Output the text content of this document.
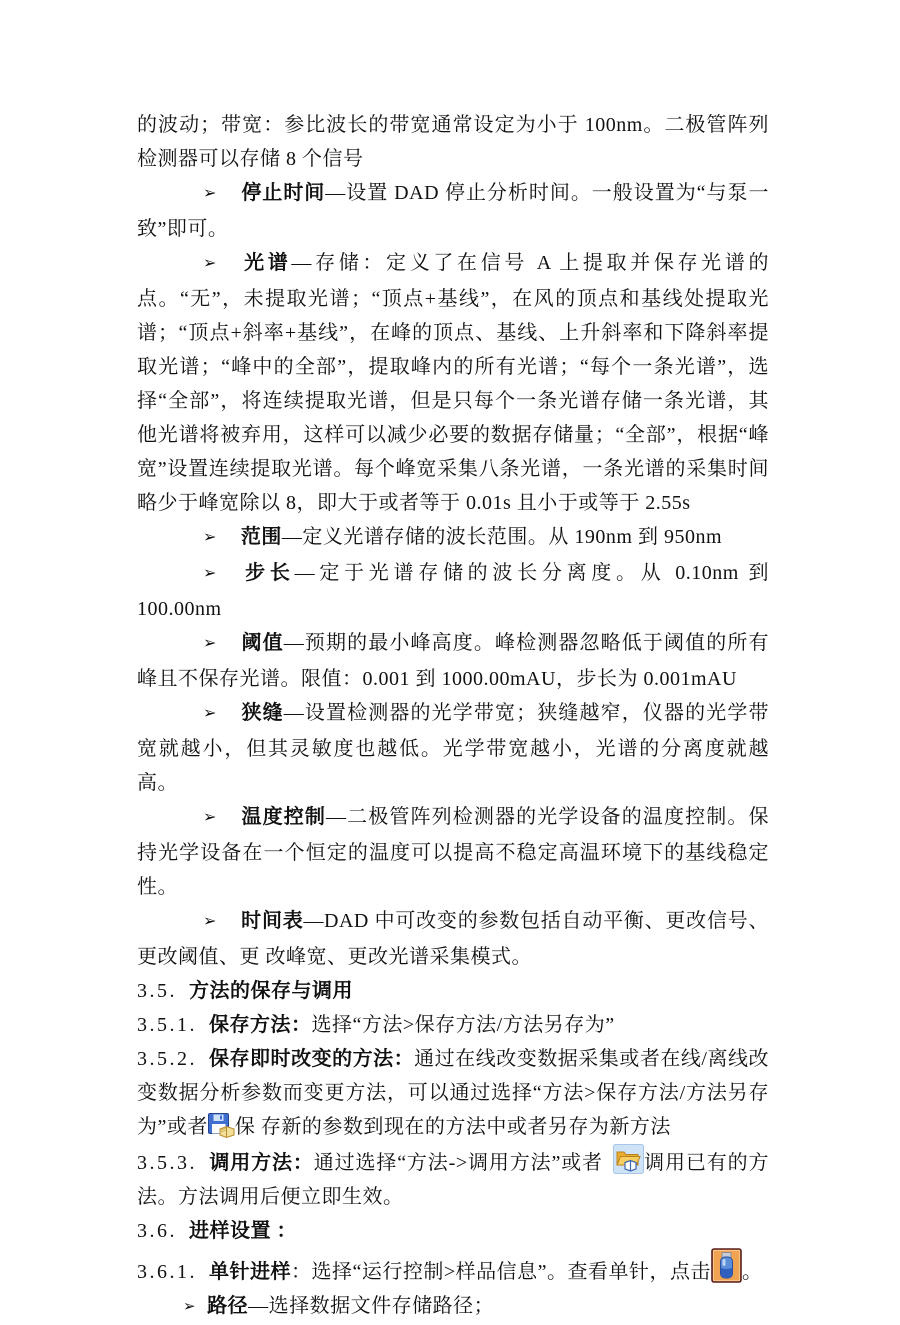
的波动；带宽：参比波长的带宽通常设定为小于 100nm。二极管阵列检测器可以存储 8 个信号

➢ 停止时间—设置 DAD 停止分析时间。一般设置为“与泵一致”即可。

➢ 光谱—存储：定义了在信号 A 上提取并保存光谱的点。“无”，未提取光谱；“顶点+基线”，在风的顶点和基线处提取光谱；“顶点+斜率+基线”，在峰的顶点、基线、上升斜率和下降斜率提取光谱；“峰中的全部”，提取峰内的所有光谱；“每个一条光谱”，选择“全部”，将连续提取光谱，但是只每个一条光谱存储一条光谱，其他光谱将被弃用，这样可以减少必要的数据存储量；“全部”，根据“峰宽”设置连续提取光谱。每个峰宽采集八条光谱，一条光谱的采集时间略少于峰宽除以 8，即大于或者等于 0.01s 且小于或等于 2.55s

➢ 范围—定义光谱存储的波长范围。从 190nm 到 950nm

➢ 步长—定于光谱存储的波长分离度。从 0.10nm 到 100.00nm

➢ 阈值—预期的最小峰高度。峰检测器忽略低于阈值的所有峰且不保存光谱。限值：0.001 到 1000.00mAU，步长为 0.001mAU

➢ 狭缝—设置检测器的光学带宽；狭缝越窄，仪器的光学带宽就越小，但其灵敏度也越低。光学带宽越小，光谱的分离度就越高。

➢ 温度控制—二极管阵列检测器的光学设备的温度控制。保持光学设备在一个恒定的温度可以提高不稳定高温环境下的基线稳定性。

➢ 时间表—DAD 中可改变的参数包括自动平衡、更改信号、更改阈值、更 改峰宽、更改光谱采集模式。

3.5. 方法的保存与调用

3.5.1. 保存方法：选择“方法>保存方法/方法另存为”

3.5.2. 保存即时改变的方法：通过在线改变数据采集或者在线/离线改变数据分析参数而变更方法，可以通过选择“方法>保存方法/方法另存为”或者 保 存新的参数到现在的方法中或者另存为新方法

3.5.3. 调用方法：通过选择“方法->调用方法”或者
调用已有的方法。方法调用后便立即生效。

3.6. 进样设置 ：

3.6.1. 单针进样：选择“运行控制>样品信息”。查看单针，点击 。

➢ 路径—选择数据文件存储路径；
